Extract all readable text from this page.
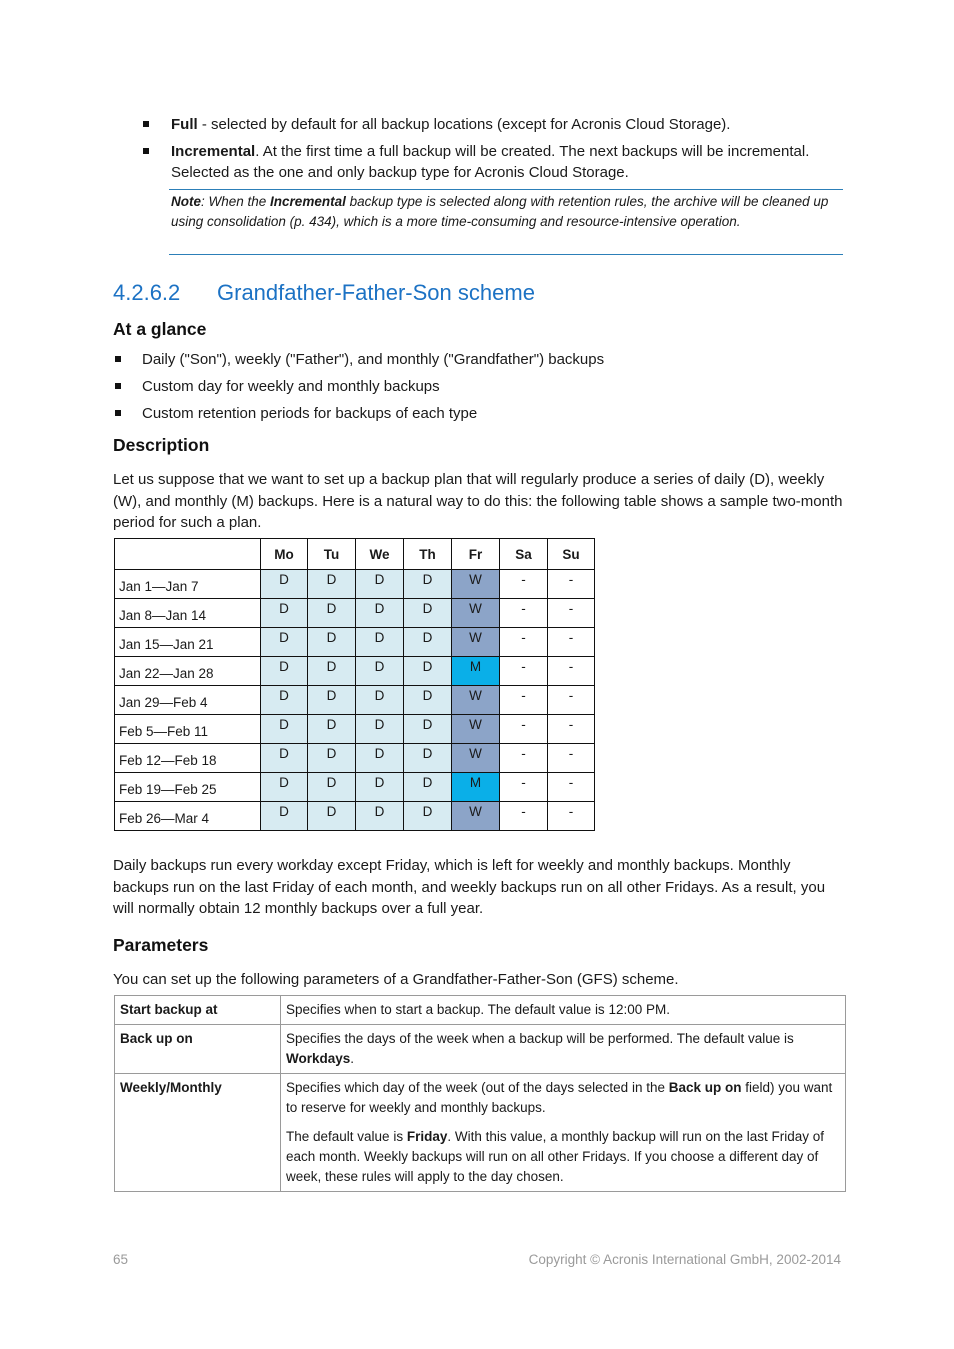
Full - selected by default for all backup locations (except for Acronis Cloud Storage).
Incremental. At the first time a full backup will be created. The next backups will be incremental. Selected as the one and only backup type for Acronis Cloud Storage.
Note: When the Incremental backup type is selected along with retention rules, the archive will be cleaned up using consolidation (p. 434), which is a more time-consuming and resource-intensive operation.
4.2.6.2 Grandfather-Father-Son scheme
At a glance
Daily ("Son"), weekly ("Father"), and monthly ("Grandfather") backups
Custom day for weekly and monthly backups
Custom retention periods for backups of each type
Description
Let us suppose that we want to set up a backup plan that will regularly produce a series of daily (D), weekly (W), and monthly (M) backups. Here is a natural way to do this: the following table shows a sample two-month period for such a plan.
	Mo	Tu	We	Th	Fr	Sa	Su
Jan 1—Jan 7	D	D	D	D	W	-	-
Jan 8—Jan 14	D	D	D	D	W	-	-
Jan 15—Jan 21	D	D	D	D	W	-	-
Jan 22—Jan 28	D	D	D	D	M	-	-
Jan 29—Feb 4	D	D	D	D	W	-	-
Feb 5—Feb 11	D	D	D	D	W	-	-
Feb 12—Feb 18	D	D	D	D	W	-	-
Feb 19—Feb 25	D	D	D	D	M	-	-
Feb 26—Mar 4	D	D	D	D	W	-	-
Daily backups run every workday except Friday, which is left for weekly and monthly backups. Monthly backups run on the last Friday of each month, and weekly backups run on all other Fridays. As a result, you will normally obtain 12 monthly backups over a full year.
Parameters
You can set up the following parameters of a Grandfather-Father-Son (GFS) scheme.
Start backup at	Specifies when to start a backup. The default value is 12:00 PM.

Back up on	Specifies the days of the week when a backup will be performed. The default value is Workdays.

Weekly/Monthly	Specifies which day of the week (out of the days selected in the Back up on field) you want to reserve for weekly and monthly backups.

The default value is Friday. With this value, a monthly backup will run on the last Friday of each month. Weekly backups will run on all other Fridays. If you choose a different day of week, these rules will apply to the day chosen.

65	Copyright © Acronis International GmbH, 2002-2014
